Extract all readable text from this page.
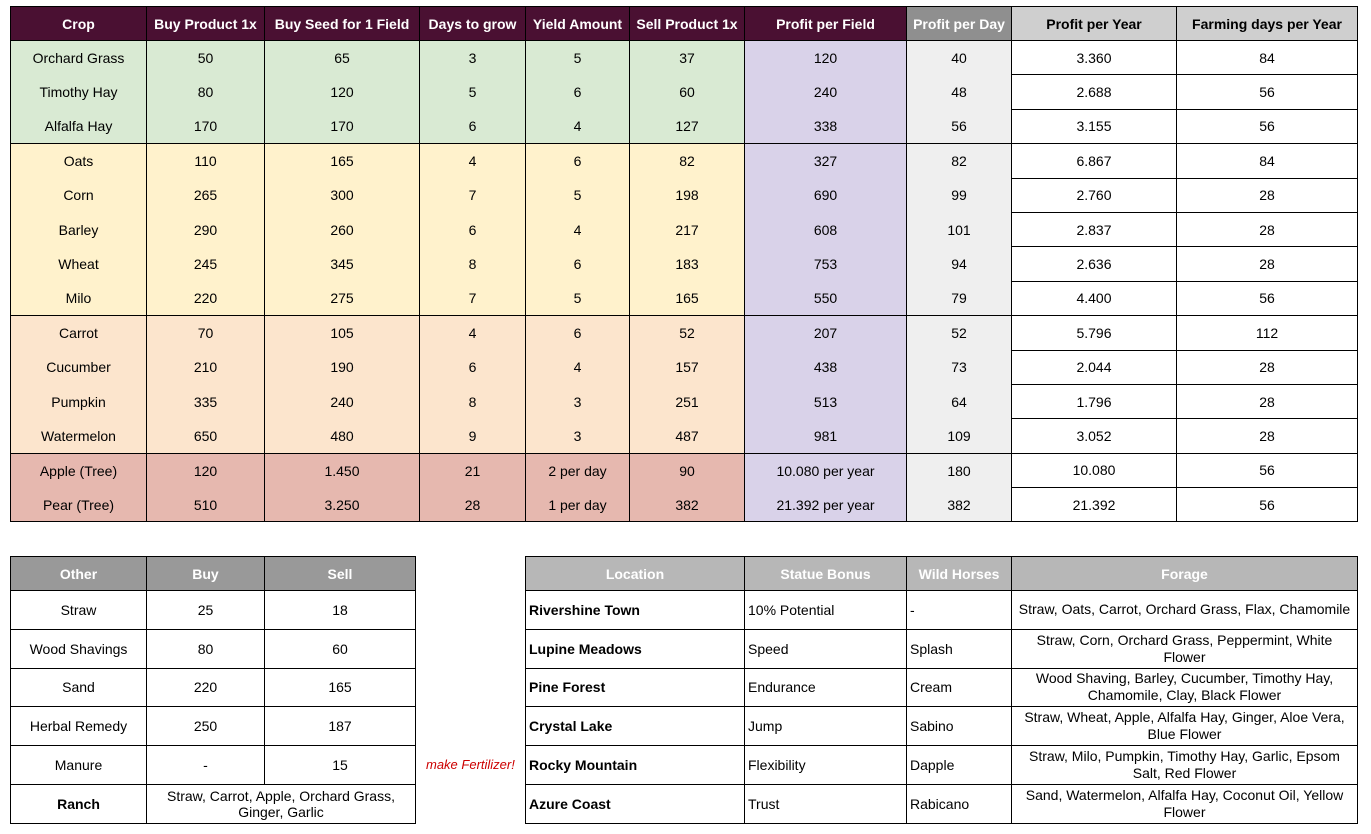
Crop	Buy Product 1x	Buy Seed for 1 Field	Days to grow	Yield Amount	Sell Product 1x	Profit per Field	Profit per Day	Profit per Year	Farming days per Year
Orchard Grass	50	65	3	5	37	120	40	3.360	84
Timothy Hay	80	120	5	6	60	240	48	2.688	56
Alfalfa Hay	170	170	6	4	127	338	56	3.155	56
Oats	110	165	4	6	82	327	82	6.867	84
Corn	265	300	7	5	198	690	99	2.760	28
Barley	290	260	6	4	217	608	101	2.837	28
Wheat	245	345	8	6	183	753	94	2.636	28
Milo	220	275	7	5	165	550	79	4.400	56
Carrot	70	105	4	6	52	207	52	5.796	112
Cucumber	210	190	6	4	157	438	73	2.044	28
Pumpkin	335	240	8	3	251	513	64	1.796	28
Watermelon	650	480	9	3	487	981	109	3.052	28
Apple (Tree)	120	1.450	21	2 per day	90	10.080 per year	180	10.080	56
Pear (Tree)	510	3.250	28	1 per day	382	21.392 per year	382	21.392	56
Other	Buy	Sell
Straw	25	18
Wood Shavings	80	60
Sand	220	165
Herbal Remedy	250	187
Manure	-	15
Ranch	Straw, Carrot, Apple, Orchard Grass, Ginger, Garlic	
make Fertilizer!
Location	Statue Bonus	Wild Horses	Forage
Rivershine Town	10% Potential	-	Straw, Oats, Carrot, Orchard Grass, Flax, Chamomile
Lupine Meadows	Speed	Splash	Straw, Corn, Orchard Grass, Peppermint, White Flower
Pine Forest	Endurance	Cream	Wood Shaving, Barley, Cucumber, Timothy Hay, Chamomile, Clay, Black Flower
Crystal Lake	Jump	Sabino	Straw, Wheat, Apple, Alfalfa Hay, Ginger, Aloe Vera, Blue Flower
Rocky Mountain	Flexibility	Dapple	Straw, Milo, Pumpkin, Timothy Hay, Garlic, Epsom Salt, Red Flower
Azure Coast	Trust	Rabicano	Sand, Watermelon, Alfalfa Hay, Coconut Oil, Yellow Flower
